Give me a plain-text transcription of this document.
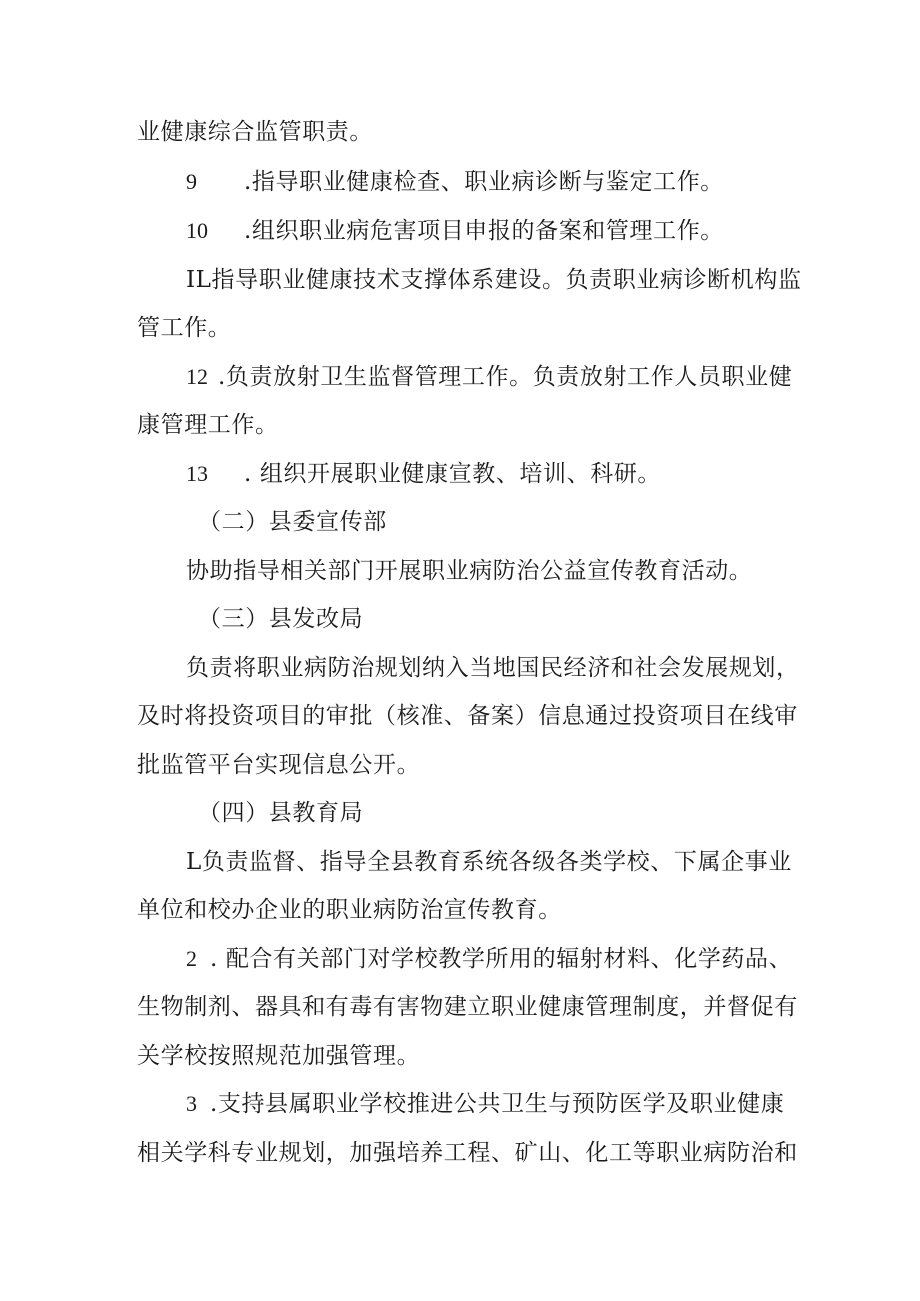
业健康综合监管职责。
9 .指导职业健康检查、职业病诊断与鉴定工作。
10 .组织职业病危害项目申报的备案和管理工作。
IL指导职业健康技术支撑体系建设。负责职业病诊断机构监
管工作。
12 .负责放射卫生监督管理工作。负责放射工作人员职业健
康管理工作。
13 . 组织开展职业健康宣教、培训、科研。
（二）县委宣传部
协助指导相关部门开展职业病防治公益宣传教育活动。
（三）县发改局
负责将职业病防治规划纳入当地国民经济和社会发展规划，
及时将投资项目的审批（核准、备案）信息通过投资项目在线审
批监管平台实现信息公开。
（四）县教育局
L负责监督、指导全县教育系统各级各类学校、下属企事业
单位和校办企业的职业病防治宣传教育。
2 . 配合有关部门对学校教学所用的辐射材料、化学药品、
生物制剂、器具和有毒有害物建立职业健康管理制度，并督促有
关学校按照规范加强管理。
3 .支持县属职业学校推进公共卫生与预防医学及职业健康
相关学科专业规划，加强培养工程、矿山、化工等职业病防治和
